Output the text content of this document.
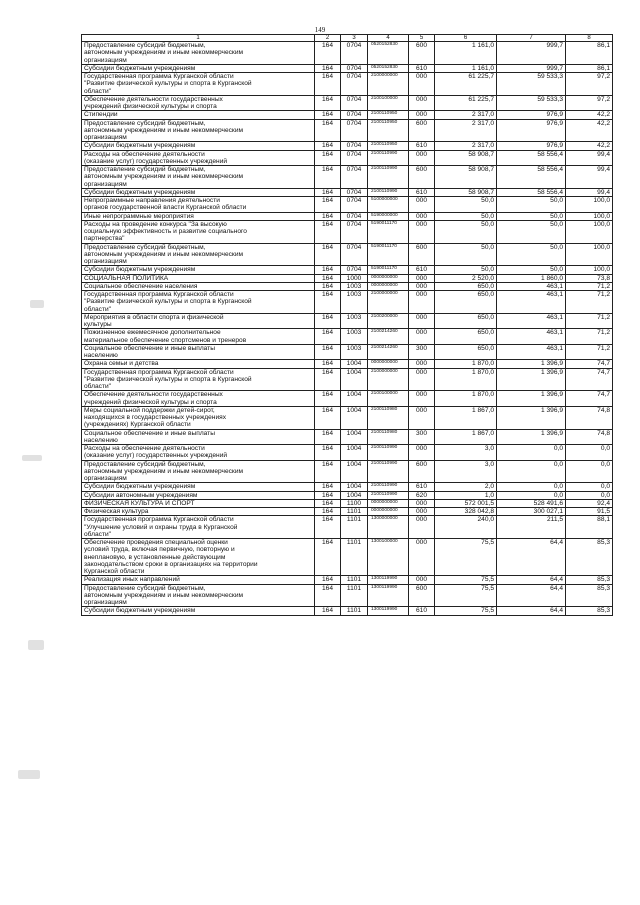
149
1	2	3	4	5	6	7	8
Предоставление субсидий бюджетным,
автономным учреждениям и иным некоммерческим
организациям	164	0704	0520152830	600	1 161,0	999,7	86,1
Субсидии бюджетным учреждениям	164	0704	0520152830	610	1 161,0	999,7	86,1
Государственная программа Курганской области
"Развитие физической культуры и спорта в Курганской
области"	164	0704	2100000000	000	61 225,7	59 533,3	97,2
Обеспечение деятельности государственных
учреждений физической культуры и спорта	164	0704	2100100000	000	61 225,7	59 533,3	97,2
Стипендии	164	0704	2100110950	000	2 317,0	976,9	42,2
Предоставление субсидий бюджетным,
автономным учреждениям и иным некоммерческим
организациям	164	0704	2100110950	600	2 317,0	976,9	42,2
Субсидии бюджетным учреждениям	164	0704	2100110950	610	2 317,0	976,9	42,2
Расходы на обеспечение деятельности
(оказание услуг) государственных учреждений	164	0704	2100110990	000	58 908,7	58 556,4	99,4
Предоставление субсидий бюджетным,
автономным учреждениям и иным некоммерческим
организациям	164	0704	2100110990	600	58 908,7	58 556,4	99,4
Субсидии бюджетным учреждениям	164	0704	2100110990	610	58 908,7	58 556,4	99,4
Непрограммные направления деятельности
органов государственной власти Курганской области	164	0704	5100000000	000	50,0	50,0	100,0
Иные непрограммные мероприятия	164	0704	5190000000	000	50,0	50,0	100,0
Расходы на проведение конкурса "За высокую
социальную эффективность и развитие социального
партнерства"	164	0704	5190011170	000	50,0	50,0	100,0
Предоставление субсидий бюджетным,
автономным учреждениям и иным некоммерческим
организациям	164	0704	5190011170	600	50,0	50,0	100,0
Субсидии бюджетным учреждениям	164	0704	5190011170	610	50,0	50,0	100,0
СОЦИАЛЬНАЯ ПОЛИТИКА	164	1000	0000000000	000	2 520,0	1 860,0	73,8
Социальное обеспечение населения	164	1003	0000000000	000	650,0	463,1	71,2
Государственная программа Курганской области
"Развитие физической культуры и спорта в Курганской
области"	164	1003	2100000000	000	650,0	463,1	71,2
Мероприятия в области спорта и физической
культуры	164	1003	2100200000	000	650,0	463,1	71,2
Пожизненное ежемесячное дополнительное
материальное обеспечение спортсменов и тренеров	164	1003	2100214260	000	650,0	463,1	71,2
Социальное обеспечение и иные выплаты
населению	164	1003	2100214260	300	650,0	463,1	71,2
Охрана семьи и детства	164	1004	0000000000	000	1 870,0	1 396,9	74,7
Государственная программа Курганской области
"Развитие физической культуры и спорта в Курганской
области"	164	1004	2100000000	000	1 870,0	1 396,9	74,7
Обеспечение деятельности государственных
учреждений физической культуры и спорта	164	1004	2100100000	000	1 870,0	1 396,9	74,7
Меры социальной поддержки детей-сирот,
находящихся в государственных учреждениях
(учреждениях) Курганской области	164	1004	2100110980	000	1 867,0	1 396,9	74,8
Социальное обеспечение и иные выплаты
населению	164	1004	2100110980	300	1 867,0	1 396,9	74,8
Расходы на обеспечение деятельности
(оказание услуг) государственных учреждений	164	1004	2100110990	000	3,0	0,0	0,0
Предоставление субсидий бюджетным,
автономным учреждениям и иным некоммерческим
организациям	164	1004	2100110990	600	3,0	0,0	0,0
Субсидии бюджетным учреждениям	164	1004	2100110990	610	2,0	0,0	0,0
Субсидии автономным учреждениям	164	1004	2100110990	620	1,0	0,0	0,0
ФИЗИЧЕСКАЯ КУЛЬТУРА И СПОРТ	164	1100	0000000000	000	572 001,5	528 491,6	92,4
Физическая культура	164	1101	0000000000	000	328 042,8	300 027,1	91,5
Государственная программа Курганской области
"Улучшение условий и охраны труда в Курганской
области"	164	1101	1300000000	000	240,0	211,5	88,1
Обеспечение проведения специальной оценки
условий труда, включая первичную, повторную и
внеплановую, в установленные действующим
законодательством сроки в организациях на территории
Курганской области	164	1101	1300100000	000	75,5	64,4	85,3
Реализация иных направлений	164	1101	1300119990	000	75,5	64,4	85,3
Предоставление субсидий бюджетным,
автономным учреждениям и иным некоммерческим
организациям	164	1101	1300119990	600	75,5	64,4	85,3
Субсидии бюджетным учреждениям	164	1101	1300119990	610	75,5	64,4	85,3
